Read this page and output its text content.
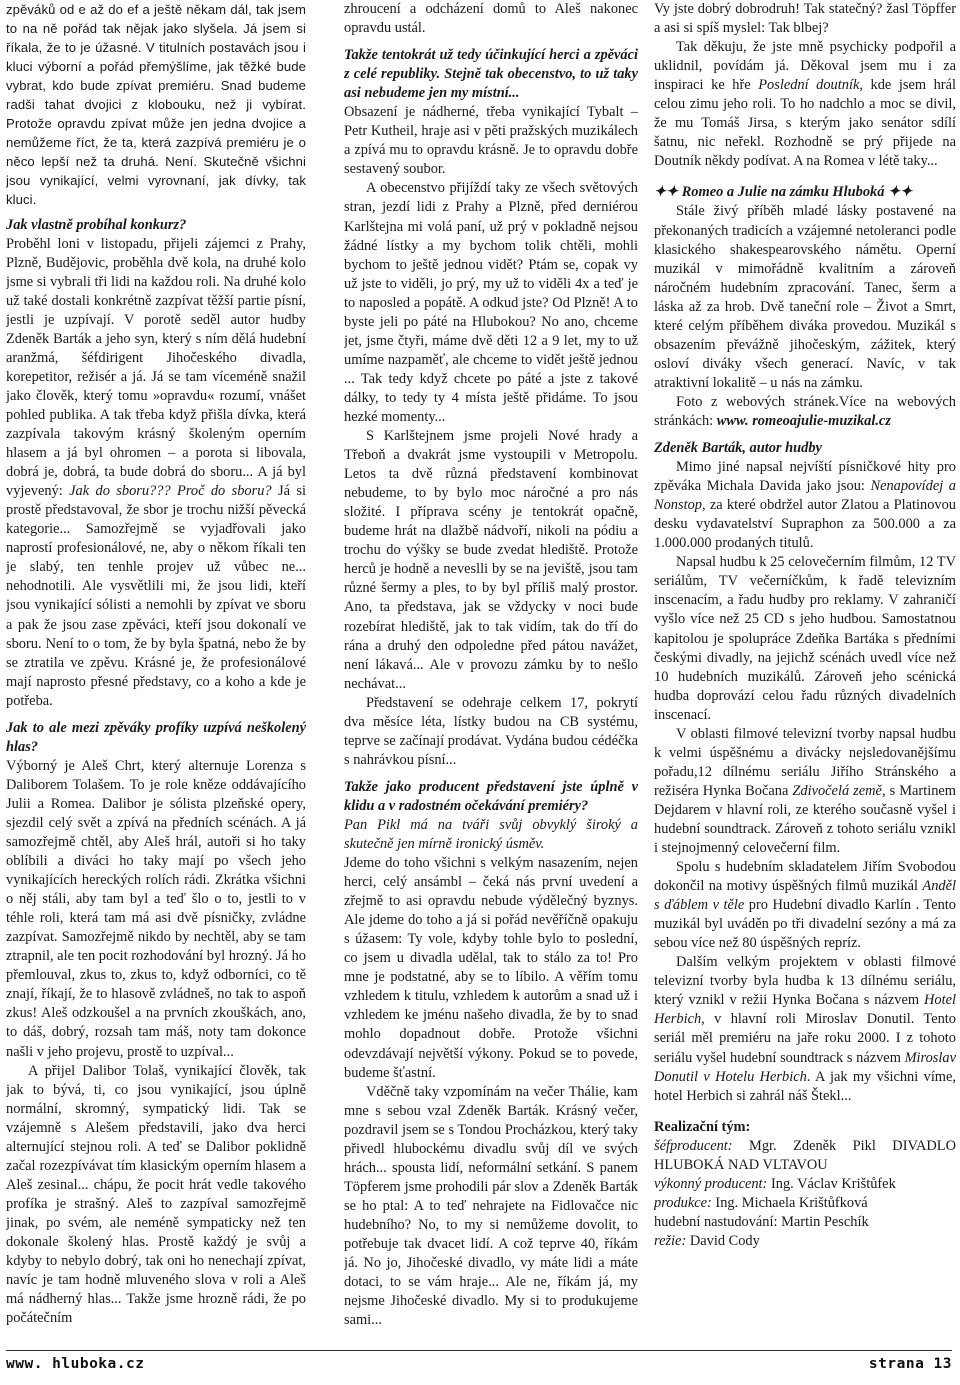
zpěváků od e až do ef a ještě někam dál, tak jsem to na ně pořád tak nějak jako slyšela. Já jsem si říkala, že to je úžasné. V titulních postavách jsou i kluci výborní a pořád přemýšlíme, jak těžké bude vybrat, kdo bude zpívat premiéru. Snad budeme radši tahat dvojici z klobouku, než ji vybírat. Protože opravdu zpívat může jen jedna dvojice a nemůžeme říct, že ta, která zazpívá premiéru je o něco lepší než ta druhá. Není. Skutečně všichni jsou vynikající, velmi vyrovnaní, jak dívky, tak kluci.

Jak vlastně probíhal konkurz?

Proběhl loni v listopadu, přijeli zájemci z Prahy, Plzně, Budějovic, proběhla dvě kola, na druhé kolo jsme si vybrali tři lidi na každou roli. Na druhé kolo už také dostali konkrétně zazpívat těžší partie písní, jestli je uzpívají. V porotě seděl autor hudby Zdeněk Barták a jeho syn, který s ním dělá hudební aranžmá, šéfdirigent Jihočeského divadla, korepetitor, režisér a já. Já se tam víceméně snažil jako člověk, který tomu »opravdu« rozumí, vnášet pohled publika. A tak třeba když přišla dívka, která zazpívala takovým krásný školeným operním hlasem a já byl ohromen – a porota si libovala, dobrá je, dobrá, ta bude dobrá do sboru... A já byl vyjevený: Jak do sboru??? Proč do sboru? Já si prostě představoval, že sbor je trochu nižší pěvecká kategorie... Samozřejmě se vyjadřovali jako naprostí profesionálové, ne, aby o někom říkali ten je slabý, ten tenhle projev už vůbec ne... nehodnotili. Ale vysvětlili mi, že jsou lidi, kteří jsou vynikající sólisti a nemohli by zpívat ve sboru a pak že jsou zase zpěváci, kteří jsou dokonalí ve sboru. Není to o tom, že by byla špatná, nebo že by se ztratila ve zpěvu. Krásné je, že profesionálové mají naprosto přesné představy, co a koho a kde je potřeba.

Jak to ale mezi zpěváky profíky uzpívá neškolený hlas?

Výborný je Aleš Chrt, který alternuje Lorenza s Daliborem Tolašem. To je role kněze oddávajícího Julii a Romea. Dalibor je sólista plzeňské opery, sjezdil celý svět a zpívá na předních scénách. A já samozřejmě chtěl, aby Aleš hrál, autoři si ho taky oblíbili a diváci ho taky mají po všech jeho vynikajících hereckých rolích rádi. Zkrátka všichni o něj stáli, aby tam byl a teď šlo o to, jestli to v téhle roli, která tam má asi dvě písničky, zvládne zazpívat. Samozřejmě nikdo by nechtěl, aby se tam ztrapnil, ale ten pocit rozhodování byl hrozný. Já ho přemlouval, zkus to, zkus to, když odborníci, co tě znají, říkají, že to hlasově zvládneš, no tak to aspoň zkus! Aleš odzkoušel a na prvních zkouškách, ano, to dáš, dobrý, rozsah tam máš, noty tam dokonce našli v jeho projevu, prostě to uzpíval...

A přijel Dalibor Tolaš, vynikající člověk, tak jak to bývá, ti, co jsou vynikající, jsou úplně normální, skromný, sympatický lidi. Tak se vzájemně s Alešem představili, jako dva herci alternující stejnou roli. A teď se Dalibor poklidně začal rozezpívávat tím klasickým operním hlasem a Aleš zesinal... chápu, že pocit hrát vedle takového profíka je strašný. Aleš to zazpíval samozřejmě jinak, po svém, ale neméně sympaticky než ten dokonale školený hlas. Prostě každý je svůj a kdyby to nebylo dobrý, tak oni ho nenechají zpívat, navíc je tam hodně mluveného slova v roli a Aleš má nádherný hlas... Takže jsme hrozně rádi, že po počátečním

zhroucení a odcházení domů to Aleš nakonec opravdu ustál.

Takže tentokrát už tedy účinkující herci a zpěváci z celé republiky. Stejně tak obecenstvo, to už taky asi nebudeme jen my místní...

Obsazení je nádherné, třeba vynikající Tybalt – Petr Kutheil, hraje asi v pěti pražských muzikálech a zpívá mu to opravdu krásně. Je to opravdu dobře sestavený soubor.

A obecenstvo přijíždí taky ze všech světových stran, jezdí lidi z Prahy a Plzně, před derniérou Karlštejna mi volá paní, už prý v pokladně nejsou žádné lístky a my bychom tolik chtěli, mohli bychom to ještě jednou vidět? Ptám se, copak vy už jste to viděli, jo prý, my už to viděli 4x a teď je to naposled a popátě. A odkud jste? Od Plzně! A to byste jeli po páté na Hlubokou? No ano, chceme jet, jsme čtyři, máme dvě děti 12 a 9 let, my to už umíme nazpaměť, ale chceme to vidět ještě jednou ... Tak tedy když chcete po páté a jste z takové dálky, to tedy ty 4 místa ještě přidáme. To jsou hezké momenty...

S Karlštejnem jsme projeli Nové hrady a Třeboň a dvakrát jsme vystoupili v Metropolu. Letos ta dvě různá představení kombinovat nebudeme, to by bylo moc náročné a pro nás složité. I příprava scény je tentokrát opačně, budeme hrát na dlažbě nádvoří, nikoli na pódiu a trochu do výšky se bude zvedat hlediště. Protože herců je hodně a neveslli by se na jeviště, jsou tam různé šermy a ples, to by byl příliš malý prostor. Ano, ta představa, jak se vždycky v noci bude rozebírat hlediště, jak to tak vidím, tak do tří do rána a druhý den odpoledne před pátou navážet, není lákavá... Ale v provozu zámku by to nešlo nechávat...

Představení se odehraje celkem 17, pokrytí dva měsíce léta, lístky budou na CB systému, teprve se začínají prodávat. Vydána budou cédéčka s nahrávkou písní...

Takže jako producent představení jste úplně v klidu a v radostném očekávání premiéry?

Pan Pikl má na tváři svůj obvyklý široký a skutečně jen mírně ironický úsměv.

Jdeme do toho všichni s velkým nasazením, nejen herci, celý ansámbl – čeká nás první uvedení a zřejmě to asi opravdu nebude výdělečný byznys. Ale jdeme do toho a já si pořád nevěříčně opakuju s úžasem: Ty vole, kdyby tohle bylo to poslední, co jsem u divadla udělal, tak to stálo za to! Pro mne je podstatné, aby se to líbilo. A věřím tomu vzhledem k titulu, vzhledem k autorům a snad už i vzhledem ke jménu našeho divadla, že by to snad mohlo dopadnout dobře. Protože všichni odevzdávají největší výkony. Pokud se to povede, budeme šťastní.

Vděčně taky vzpomínám na večer Thálie, kam mne s sebou vzal Zdeněk Barták. Krásný večer, pozdravil jsem se s Tondou Procházkou, který taky přivedl hlubockému divadlu svůj díl ve svých hrách... spousta lidí, neformální setkání. S panem Töpferem jsme prohodili pár slov a Zdeněk Barták se ho ptal: A to teď nehrajete na Fidlovačce nic hudebního? No, to my si nemůžeme dovolit, to potřebuje tak dvacet lidí. A což teprve 40, říkám já. No jo, Jihočeské divadlo, vy máte lidi a máte dotaci, to se vám hraje... Ale ne, říkám já, my nejsme Jihočeské divadlo. My si to produkujeme sami...

Vy jste dobrý dobrodruh! Tak statečný? žasl Töpffer a asi si spíš myslel: Tak blbej?

Tak děkuju, že jste mně psychicky podpořil a uklidnil, povídám já. Děkoval jsem mu i za inspiraci ke hře Poslední doutník, kde jsem hrál celou zimu jeho roli. To ho nadchlo a moc se divil, že mu Tomáš Jirsa, s kterým jako senátor sdílí šatnu, nic neřekl. Rozhodně se prý přijede na Doutník někdy podívat. A na Romea v létě taky...

✦✦ Romeo a Julie na zámku Hluboká ✦✦

Stále živý příběh mladé lásky postavené na překonaných tradicích a vzájemné netoleranci podle klasického shakespearovského námětu. Operní muzikál v mimořádně kvalitním a zároveň náročném hudebním zpracování. Tanec, šerm a láska až za hrob. Dvě taneční role – Život a Smrt, které celým příběhem diváka provedou. Muzikál s obsazením převážně jihočeským, zážitek, který osloví diváky všech generací. Navíc, v tak atraktivní lokalitě – u nás na zámku.

Foto z webových stránek.Více na webových stránkách: www. romeoajulie-muzikal.cz

Zdeněk Barták, autor hudby

Mimo jiné napsal nejvíští písničkové hity pro zpěváka Michala Davida jako jsou: Nenapovídej a Nonstop, za které obdržel autor Zlatou a Platinovou desku vydavatelství Supraphon za 500.000 a za 1.000.000 prodaných titulů.

Napsal hudbu k 25 celovečerním filmům, 12 TV seriálům, TV večerníčkům, k řadě televizním inscenacím, a řadu hudby pro reklamy. V zahraničí vyšlo více než 25 CD s jeho hudbou. Samostatnou kapitolou je spolupráce Zdeňka Bartáka s předními českými divadly, na jejichž scénách uvedl více než 10 hudebních muzikálů. Zároveň jeho scénická hudba doprovází celou řadu různých divadelních inscenací.

V oblasti filmové televizní tvorby napsal hudbu k velmi úspěšnému a divácky nejsledovanějšímu pořadu,12 dílnému seriálu Jiřího Stránského a režiséra Hynka Bočana Zdivočelá země, s Martinem Dejdarem v hlavní roli, ze kterého současně vyšel i hudební soundtrack. Zároveň z tohoto seriálu vznikl i stejnojmenný celovečerní film.

Spolu s hudebním skladatelem Jiřím Svobodou dokončil na motivy úspěšných filmů muzikál Anděl s ďáblem v těle pro Hudební divadlo Karlín . Tento muzikál byl uváděn po tři divadelní sezóny a má za sebou více než 80 úspěšných repríz.

Dalším velkým projektem v oblasti filmové televizní tvorby byla hudba k 13 dílnému seriálu, který vznikl v režii Hynka Bočana s názvem Hotel Herbich, v hlavní roli Miroslav Donutil. Tento seriál měl premiéru na jaře roku 2000. I z tohoto seriálu vyšel hudební soundtrack s názvem Miroslav Donutil v Hotelu Herbich. A jak my všichni víme, hotel Herbich si zahrál náš Štekl...

Realizační tým:

šéfproducent: Mgr. Zdeněk Pikl DIVADLO HLUBOKÁ NAD VLTAVOU

výkonný producent: Ing. Václav Krištůfek

produkce: Ing. Michaela Krištůfková

hudební nastudování: Martin Peschík

režie: David Cody

www. hluboka.cz	strana 13
